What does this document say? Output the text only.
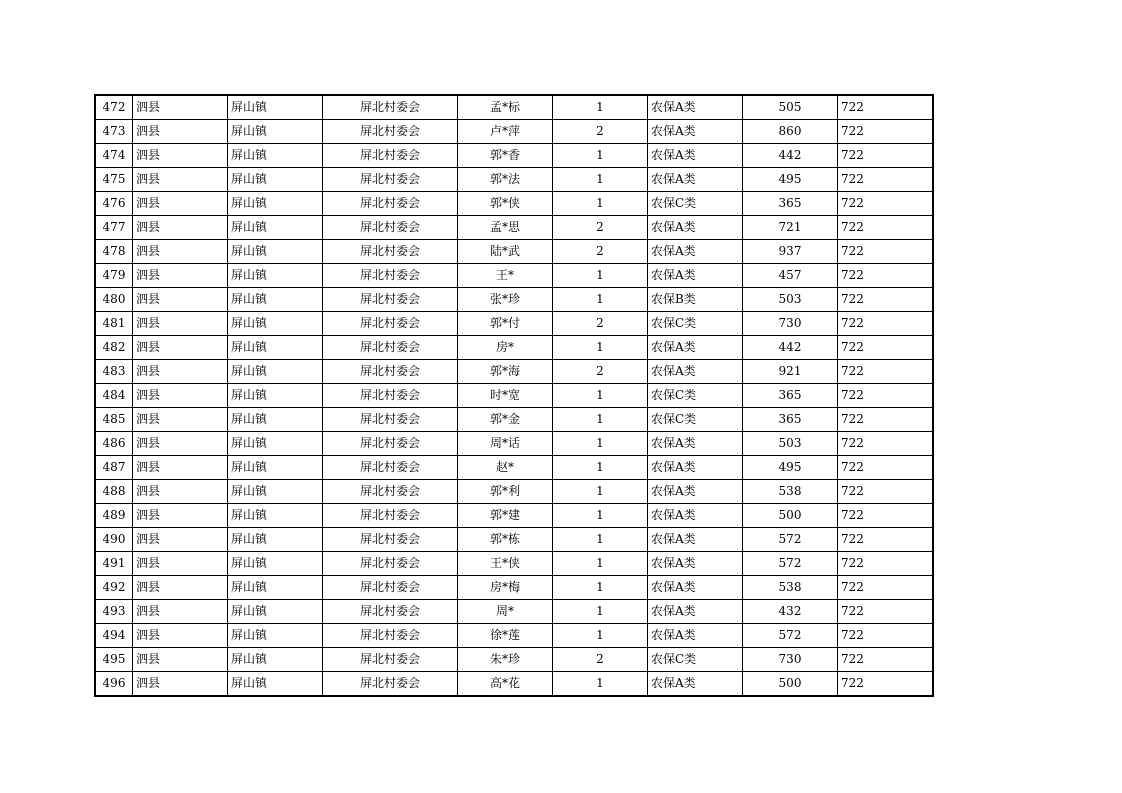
472	泗县	屏山镇	屏北村委会	孟*标	1	农保A类	505	722
473	泗县	屏山镇	屏北村委会	卢*萍	2	农保A类	860	722
474	泗县	屏山镇	屏北村委会	郭*香	1	农保A类	442	722
475	泗县	屏山镇	屏北村委会	郭*法	1	农保A类	495	722
476	泗县	屏山镇	屏北村委会	郭*侠	1	农保C类	365	722
477	泗县	屏山镇	屏北村委会	孟*思	2	农保A类	721	722
478	泗县	屏山镇	屏北村委会	陆*武	2	农保A类	937	722
479	泗县	屏山镇	屏北村委会	王*	1	农保A类	457	722
480	泗县	屏山镇	屏北村委会	张*珍	1	农保B类	503	722
481	泗县	屏山镇	屏北村委会	郭*付	2	农保C类	730	722
482	泗县	屏山镇	屏北村委会	房*	1	农保A类	442	722
483	泗县	屏山镇	屏北村委会	郭*海	2	农保A类	921	722
484	泗县	屏山镇	屏北村委会	时*宽	1	农保C类	365	722
485	泗县	屏山镇	屏北村委会	郭*金	1	农保C类	365	722
486	泗县	屏山镇	屏北村委会	周*话	1	农保A类	503	722
487	泗县	屏山镇	屏北村委会	赵*	1	农保A类	495	722
488	泗县	屏山镇	屏北村委会	郭*利	1	农保A类	538	722
489	泗县	屏山镇	屏北村委会	郭*建	1	农保A类	500	722
490	泗县	屏山镇	屏北村委会	郭*栋	1	农保A类	572	722
491	泗县	屏山镇	屏北村委会	王*侠	1	农保A类	572	722
492	泗县	屏山镇	屏北村委会	房*梅	1	农保A类	538	722
493	泗县	屏山镇	屏北村委会	周*	1	农保A类	432	722
494	泗县	屏山镇	屏北村委会	徐*莲	1	农保A类	572	722
495	泗县	屏山镇	屏北村委会	朱*珍	2	农保C类	730	722
496	泗县	屏山镇	屏北村委会	高*花	1	农保A类	500	722
